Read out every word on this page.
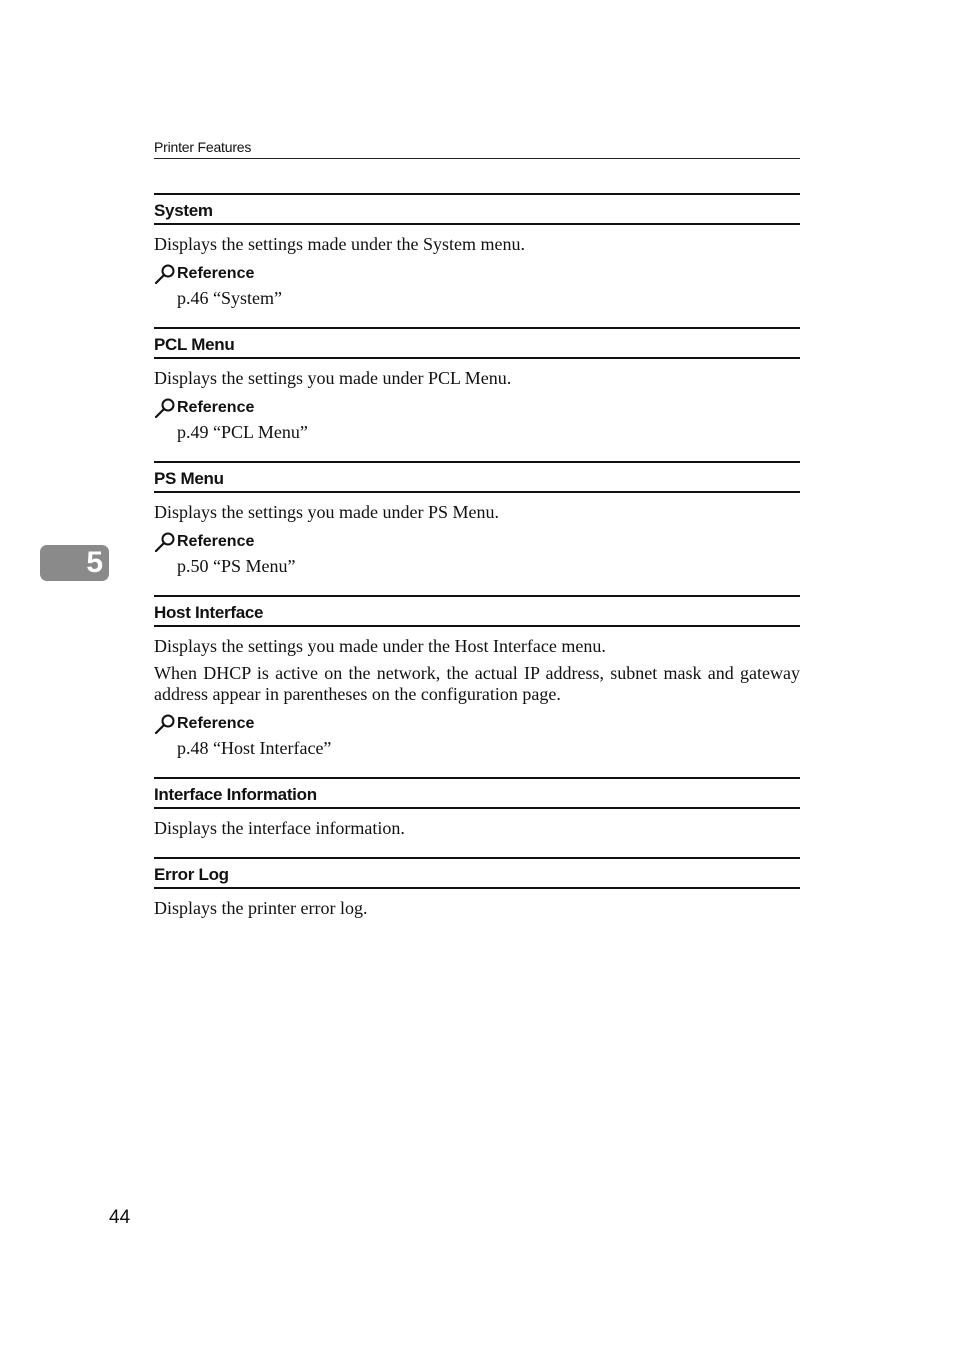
Printer Features
5
System

Displays the settings made under the System menu.

Reference
p.46 “System”
PCL Menu

Displays the settings you made under PCL Menu.

Reference
p.49 “PCL Menu”
PS Menu

Displays the settings you made under PS Menu.

Reference
p.50 “PS Menu”
Host Interface

Displays the settings you made under the Host Interface menu.

When DHCP is active on the network, the actual IP address, subnet mask and gateway address appear in parentheses on the configuration page.

Reference
p.48 “Host Interface”
Interface Information

Displays the interface information.

Error Log

Displays the printer error log.

44
